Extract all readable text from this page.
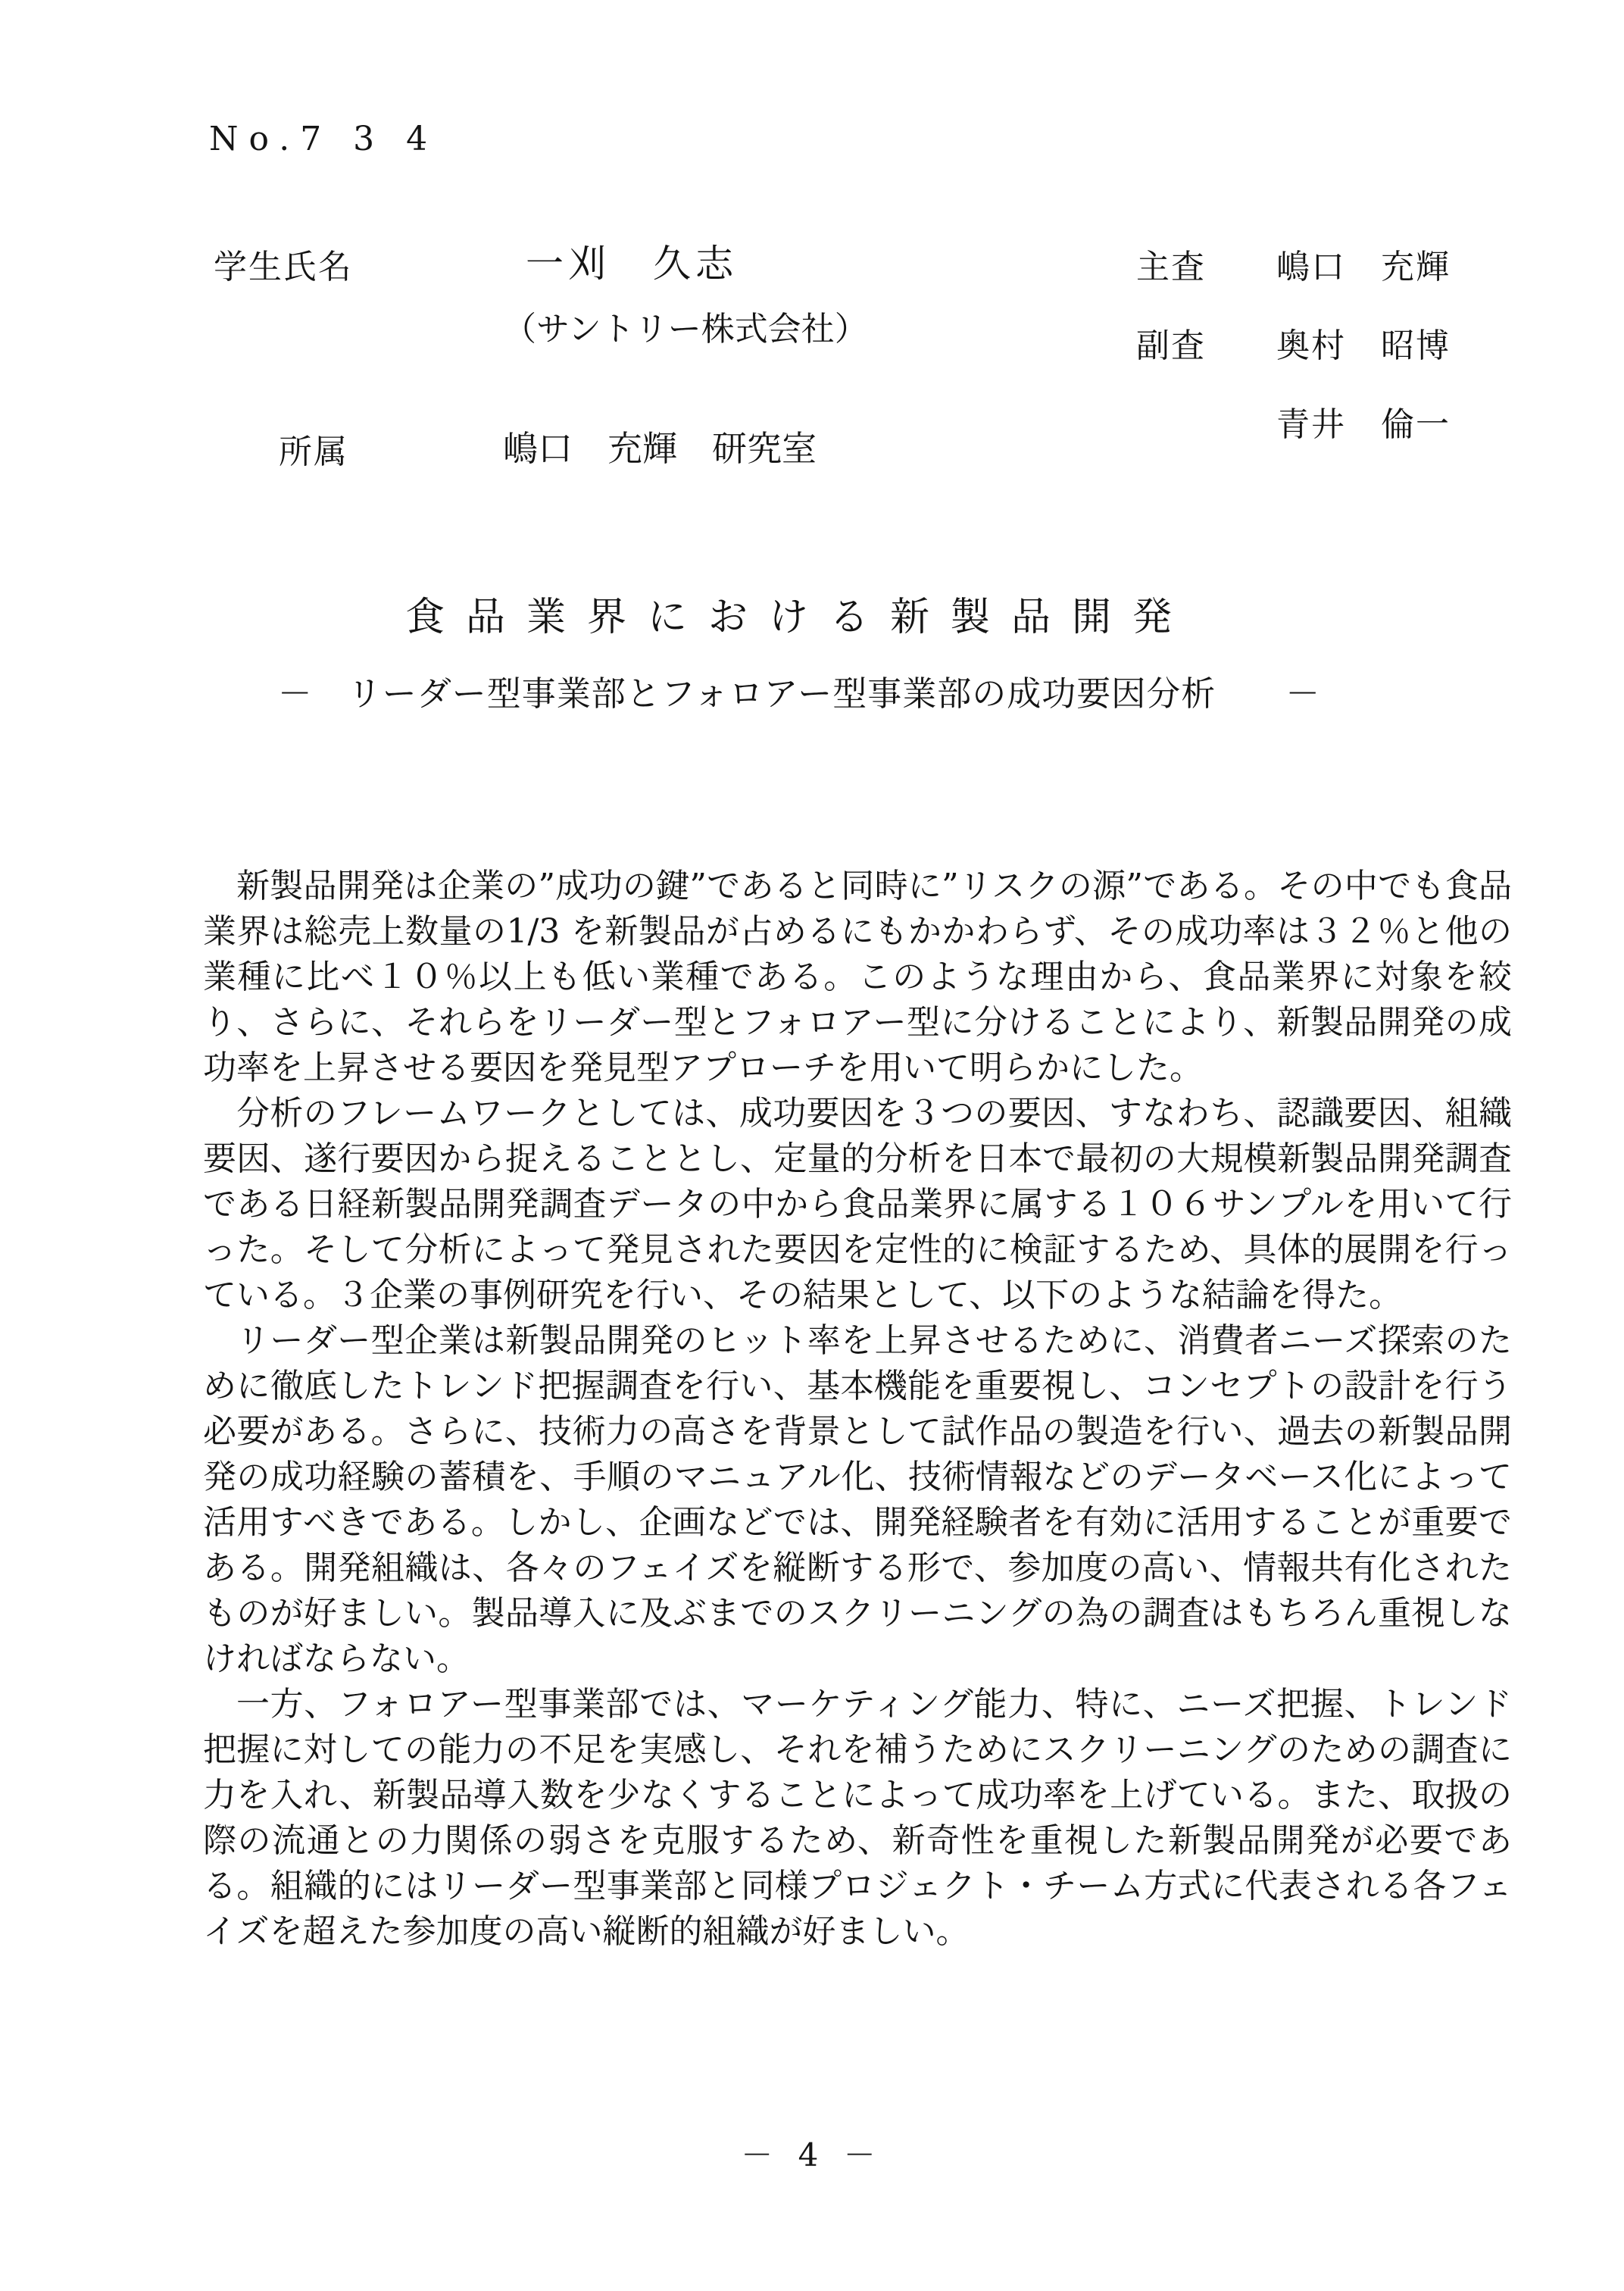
No.7 3 4
学生氏名	一刈　久志
（サントリー株式会社）
主査	嶋口　充輝
副査	奥村　昭博
青井　倫一
所属	嶋口　充輝　研究室
食品業界における新製品開発
－　リーダー型事業部とフォロアー型事業部の成功要因分析　　－

新製品開発は企業の”成功の鍵”であると同時に”リスクの源”である。その中でも食品業界は総売上数量の1/3 を新製品が占めるにもかかわらず、その成功率は３２％と他の業種に比べ１０％以上も低い業種である。このような理由から、食品業界に対象を絞り、さらに、それらをリーダー型とフォロアー型に分けることにより、新製品開発の成功率を上昇させる要因を発見型アプローチを用いて明らかにした。

分析のフレームワークとしては、成功要因を３つの要因、すなわち、認識要因、組織要因、遂行要因から捉えることとし、定量的分析を日本で最初の大規模新製品開発調査である日経新製品開発調査データの中から食品業界に属する１０６サンプルを用いて行った。そして分析によって発見された要因を定性的に検証するため、具体的展開を行っている。３企業の事例研究を行い、その結果として、以下のような結論を得た。

リーダー型企業は新製品開発のヒット率を上昇させるために、消費者ニーズ探索のために徹底したトレンド把握調査を行い、基本機能を重要視し、コンセプトの設計を行う必要がある。さらに、技術力の高さを背景として試作品の製造を行い、過去の新製品開発の成功経験の蓄積を、手順のマニュアル化、技術情報などのデータベース化によって活用すべきである。しかし、企画などでは、開発経験者を有効に活用することが重要である。開発組織は、各々のフェイズを縦断する形で、参加度の高い、情報共有化されたものが好ましい。製品導入に及ぶまでのスクリーニングの為の調査はもちろん重視しなければならない。

一方、フォロアー型事業部では、マーケティング能力、特に、ニーズ把握、トレンド把握に対しての能力の不足を実感し、それを補うためにスクリーニングのための調査に力を入れ、新製品導入数を少なくすることによって成功率を上げている。また、取扱の際の流通との力関係の弱さを克服するため、新奇性を重視した新製品開発が必要である。組織的にはリーダー型事業部と同様プロジェクト・チーム方式に代表される各フェイズを超えた参加度の高い縦断的組織が好ましい。

－ 4 －
